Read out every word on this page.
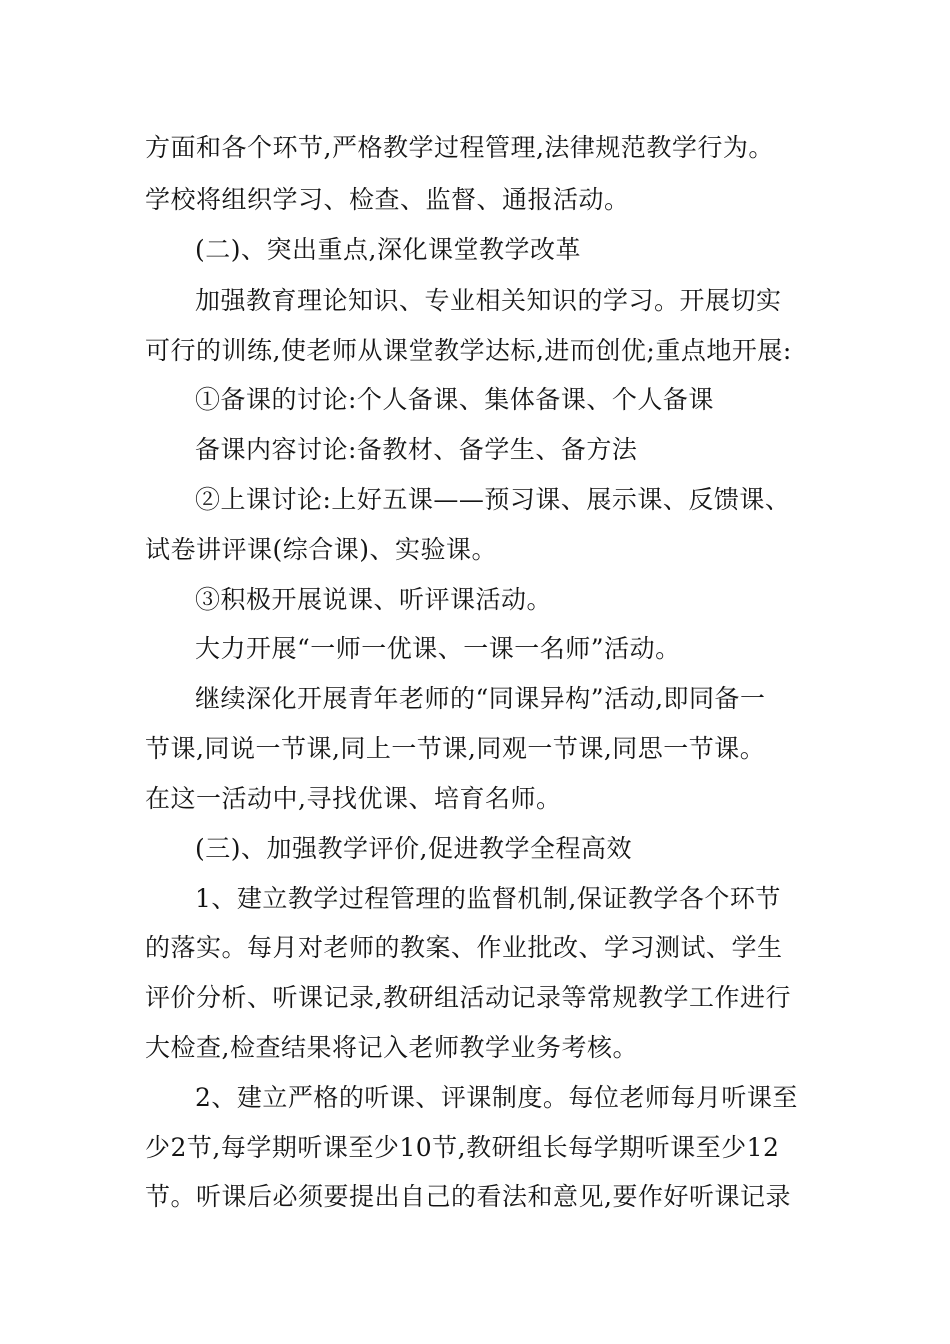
方面和各个环节,严格教学过程管理,法律规范教学行为。
学校将组织学习、检查、监督、通报活动。
(二)、突出重点,深化课堂教学改革
加强教育理论知识、专业相关知识的学习。开展切实
可行的训练,使老师从课堂教学达标,进而创优;重点地开展:
①备课的讨论:个人备课、集体备课、个人备课
备课内容讨论:备教材、备学生、备方法
②上课讨论:上好五课——预习课、展示课、反馈课、
试卷讲评课(综合课)、实验课。
③积极开展说课、听评课活动。
大力开展“一师一优课、一课一名师”活动。
继续深化开展青年老师的“同课异构”活动,即同备一
节课,同说一节课,同上一节课,同观一节课,同思一节课。
在这一活动中,寻找优课、培育名师。
(三)、加强教学评价,促进教学全程高效
1、建立教学过程管理的监督机制,保证教学各个环节
的落实。每月对老师的教案、作业批改、学习测试、学生
评价分析、听课记录,教研组活动记录等常规教学工作进行
大检查,检查结果将记入老师教学业务考核。
2、建立严格的听课、评课制度。每位老师每月听课至
少2节,每学期听课至少10节,教研组长每学期听课至少12
节。听课后必须要提出自己的看法和意见,要作好听课记录
